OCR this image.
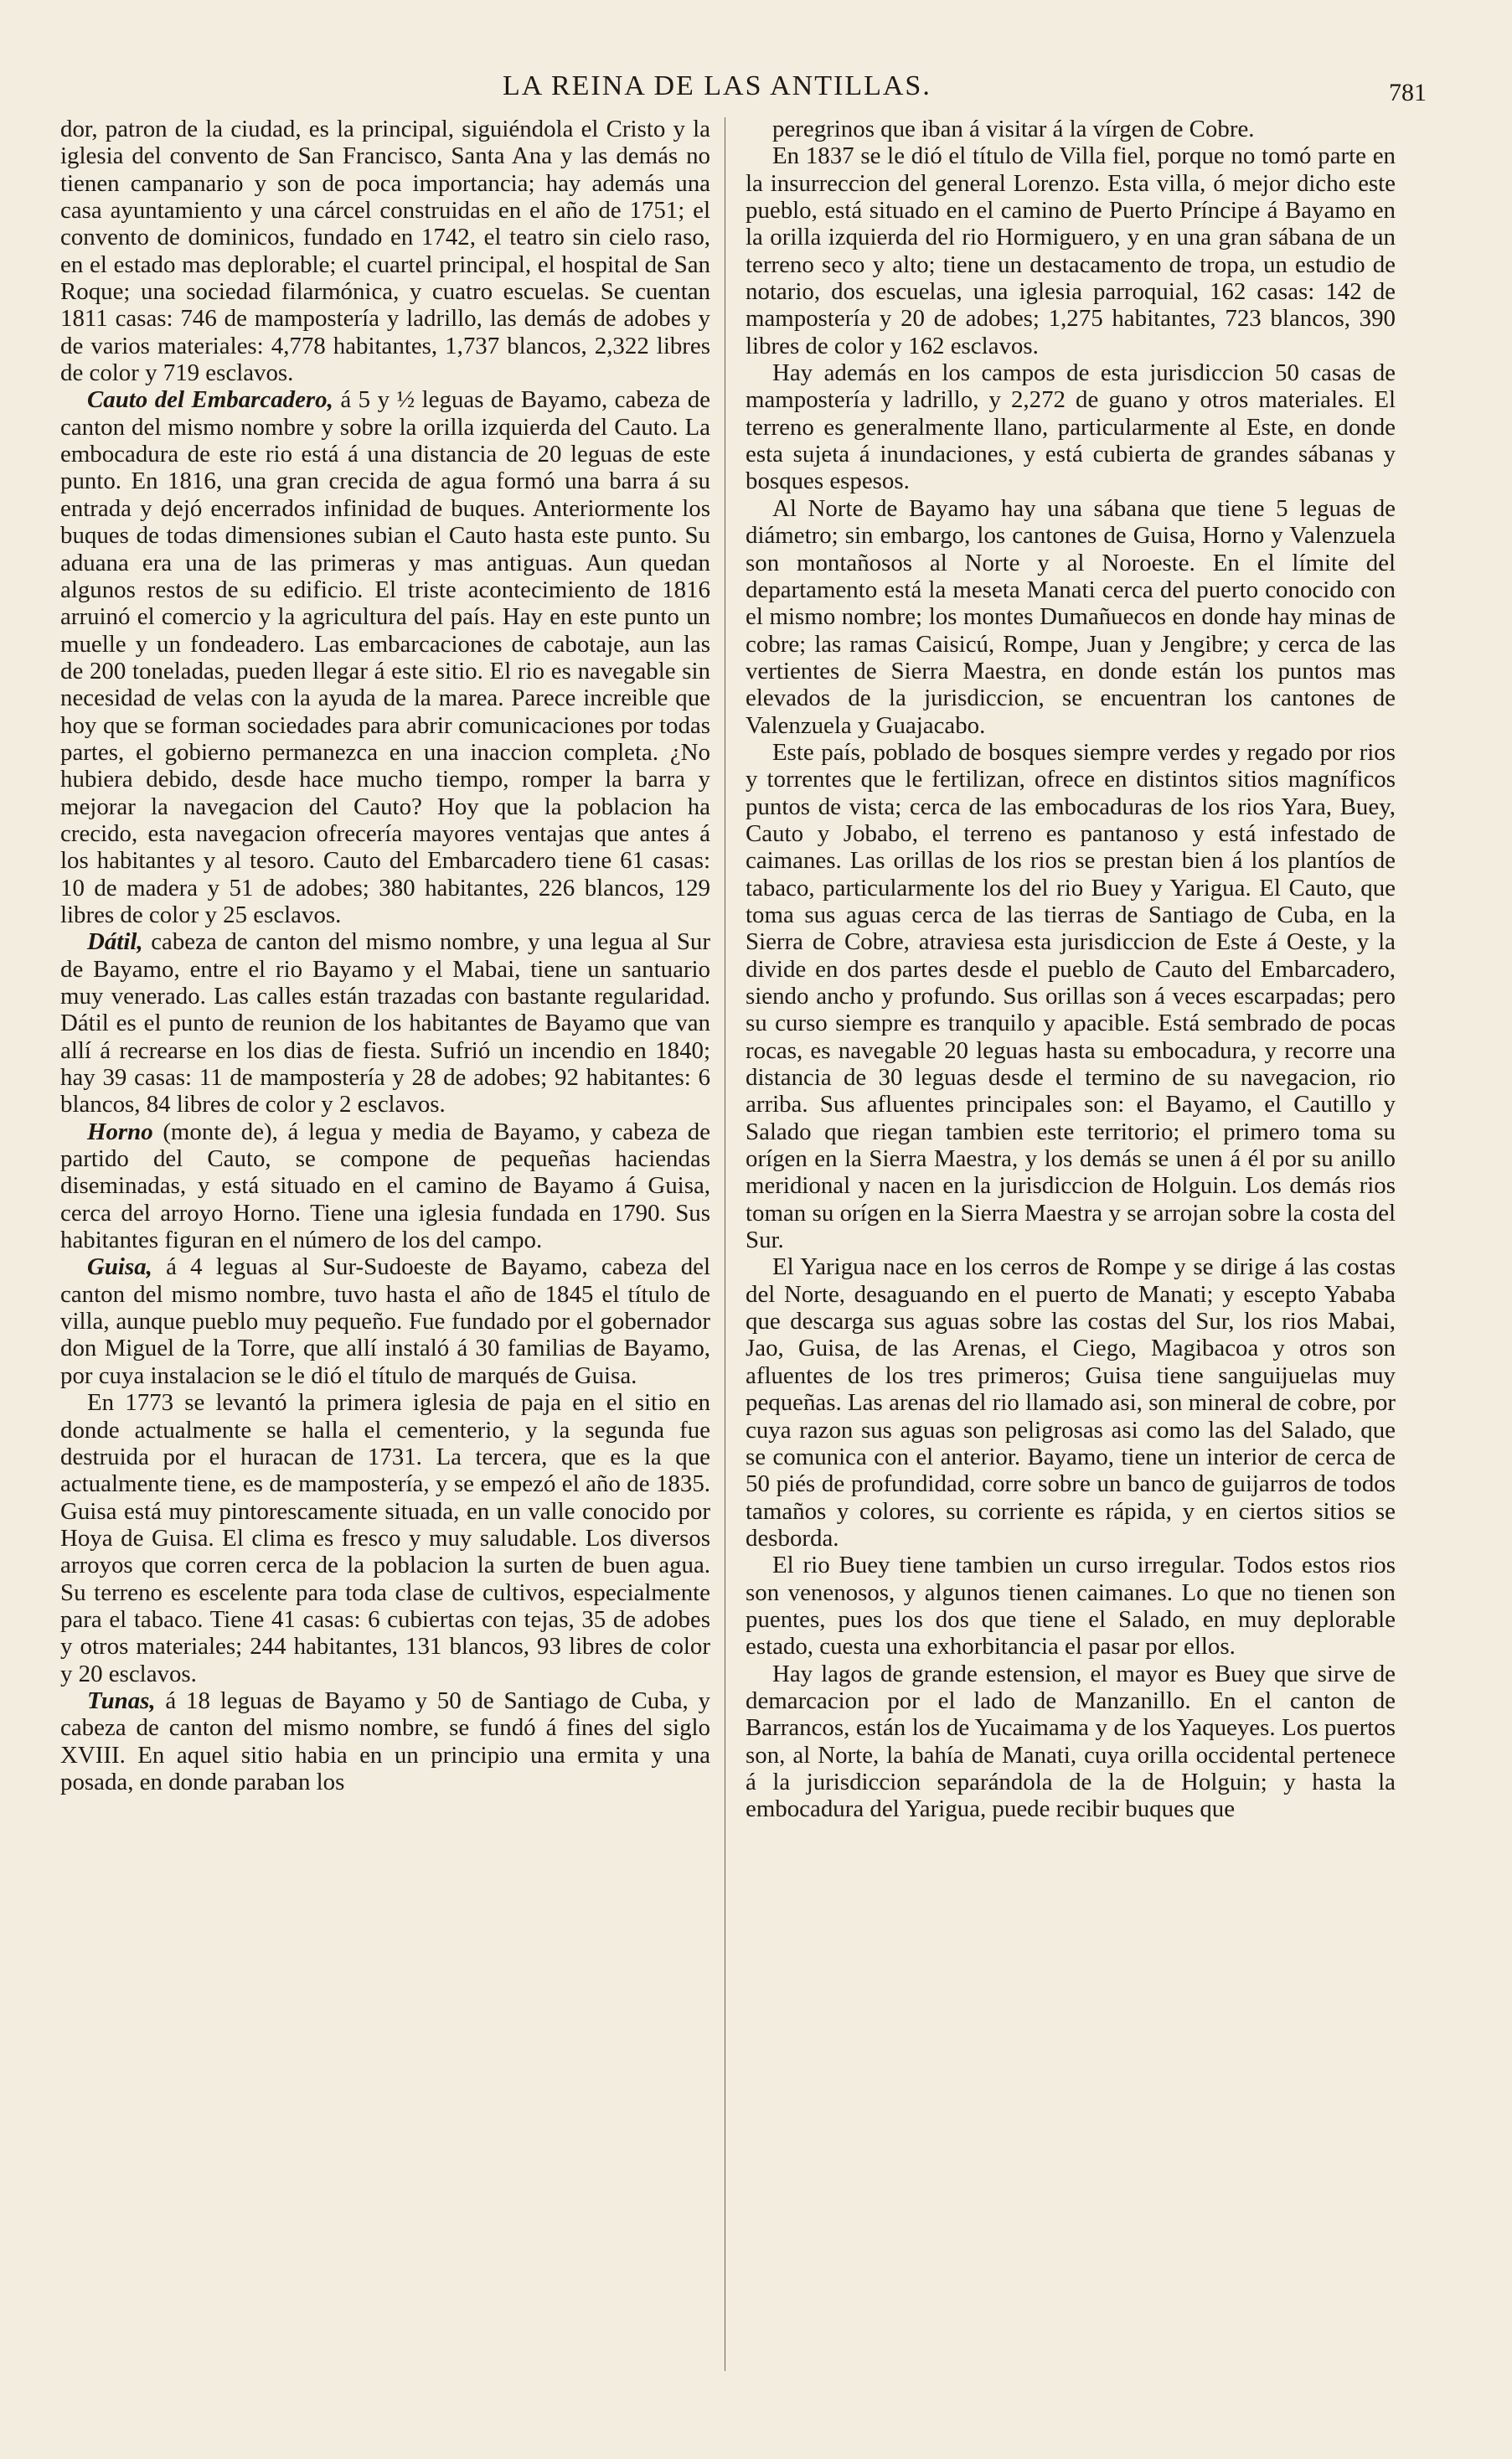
LA REINA DE LAS ANTILLAS.	781

dor, patron de la ciudad, es la principal, siguiéndola el Cristo y la iglesia del convento de San Francisco, Santa Ana y las demás no tienen campanario y son de poca importancia; hay además una casa ayuntamiento y una cárcel construidas en el año de 1751; el convento de dominicos, fundado en 1742, el teatro sin cielo raso, en el estado mas deplorable; el cuartel principal, el hospital de San Roque; una sociedad filarmónica, y cuatro escuelas. Se cuentan 1811 casas: 746 de mampostería y ladrillo, las demás de adobes y de varios materiales: 4,778 habitantes, 1,737 blancos, 2,322 libres de color y 719 esclavos.

Cauto del Embarcadero, á 5 y ½ leguas de Bayamo, cabeza de canton del mismo nombre y sobre la orilla izquierda del Cauto. La embocadura de este rio está á una distancia de 20 leguas de este punto. En 1816, una gran crecida de agua formó una barra á su entrada y dejó encerrados infinidad de buques. Anteriormente los buques de todas dimensiones subian el Cauto hasta este punto. Su aduana era una de las primeras y mas antiguas. Aun quedan algunos restos de su edificio. El triste acontecimiento de 1816 arruinó el comercio y la agricultura del país. Hay en este punto un muelle y un fondeadero. Las embarcaciones de cabotaje, aun las de 200 toneladas, pueden llegar á este sitio. El rio es navegable sin necesidad de velas con la ayuda de la marea. Parece increible que hoy que se forman sociedades para abrir comunicaciones por todas partes, el gobierno permanezca en una inaccion completa. ¿No hubiera debido, desde hace mucho tiempo, romper la barra y mejorar la navegacion del Cauto? Hoy que la poblacion ha crecido, esta navegacion ofrecería mayores ventajas que antes á los habitantes y al tesoro. Cauto del Embarcadero tiene 61 casas: 10 de madera y 51 de adobes; 380 habitantes, 226 blancos, 129 libres de color y 25 esclavos.

Dátil, cabeza de canton del mismo nombre, y una legua al Sur de Bayamo, entre el rio Bayamo y el Mabai, tiene un santuario muy venerado. Las calles están trazadas con bastante regularidad. Dátil es el punto de reunion de los habitantes de Bayamo que van allí á recrearse en los dias de fiesta. Sufrió un incendio en 1840; hay 39 casas: 11 de mampostería y 28 de adobes; 92 habitantes: 6 blancos, 84 libres de color y 2 esclavos.

Horno (monte de), á legua y media de Bayamo, y cabeza de partido del Cauto, se compone de pequeñas haciendas diseminadas, y está situado en el camino de Bayamo á Guisa, cerca del arroyo Horno. Tiene una iglesia fundada en 1790. Sus habitantes figuran en el número de los del campo.

Guisa, á 4 leguas al Sur-Sudoeste de Bayamo, cabeza del canton del mismo nombre, tuvo hasta el año de 1845 el título de villa, aunque pueblo muy pequeño. Fue fundado por el gobernador don Miguel de la Torre, que allí instaló á 30 familias de Bayamo, por cuya instalacion se le dió el título de marqués de Guisa.

En 1773 se levantó la primera iglesia de paja en el sitio en donde actualmente se halla el cementerio, y la segunda fue destruida por el huracan de 1731. La tercera, que es la que actualmente tiene, es de mampostería, y se empezó el año de 1835. Guisa está muy pintorescamente situada, en un valle conocido por Hoya de Guisa. El clima es fresco y muy saludable. Los diversos arroyos que corren cerca de la poblacion la surten de buen agua. Su terreno es escelente para toda clase de cultivos, especialmente para el tabaco. Tiene 41 casas: 6 cubiertas con tejas, 35 de adobes y otros materiales; 244 habitantes, 131 blancos, 93 libres de color y 20 esclavos.

Tunas, á 18 leguas de Bayamo y 50 de Santiago de Cuba, y cabeza de canton del mismo nombre, se fundó á fines del siglo XVIII. En aquel sitio habia en un principio una ermita y una posada, en donde paraban los

peregrinos que iban á visitar á la vírgen de Cobre.

En 1837 se le dió el título de Villa fiel, porque no tomó parte en la insurreccion del general Lorenzo. Esta villa, ó mejor dicho este pueblo, está situado en el camino de Puerto Príncipe á Bayamo en la orilla izquierda del rio Hormiguero, y en una gran sábana de un terreno seco y alto; tiene un destacamento de tropa, un estudio de notario, dos escuelas, una iglesia parroquial, 162 casas: 142 de mampostería y 20 de adobes; 1,275 habitantes, 723 blancos, 390 libres de color y 162 esclavos.

Hay además en los campos de esta jurisdiccion 50 casas de mampostería y ladrillo, y 2,272 de guano y otros materiales. El terreno es generalmente llano, particularmente al Este, en donde esta sujeta á inundaciones, y está cubierta de grandes sábanas y bosques espesos.

Al Norte de Bayamo hay una sábana que tiene 5 leguas de diámetro; sin embargo, los cantones de Guisa, Horno y Valenzuela son montañosos al Norte y al Noroeste. En el límite del departamento está la meseta Manati cerca del puerto conocido con el mismo nombre; los montes Dumañuecos en donde hay minas de cobre; las ramas Caisicú, Rompe, Juan y Jengibre; y cerca de las vertientes de Sierra Maestra, en donde están los puntos mas elevados de la jurisdiccion, se encuentran los cantones de Valenzuela y Guajacabo.

Este país, poblado de bosques siempre verdes y regado por rios y torrentes que le fertilizan, ofrece en distintos sitios magníficos puntos de vista; cerca de las embocaduras de los rios Yara, Buey, Cauto y Jobabo, el terreno es pantanoso y está infestado de caimanes. Las orillas de los rios se prestan bien á los plantíos de tabaco, particularmente los del rio Buey y Yarigua. El Cauto, que toma sus aguas cerca de las tierras de Santiago de Cuba, en la Sierra de Cobre, atraviesa esta jurisdiccion de Este á Oeste, y la divide en dos partes desde el pueblo de Cauto del Embarcadero, siendo ancho y profundo. Sus orillas son á veces escarpadas; pero su curso siempre es tranquilo y apacible. Está sembrado de pocas rocas, es navegable 20 leguas hasta su embocadura, y recorre una distancia de 30 leguas desde el termino de su navegacion, rio arriba. Sus afluentes principales son: el Bayamo, el Cautillo y Salado que riegan tambien este territorio; el primero toma su orígen en la Sierra Maestra, y los demás se unen á él por su anillo meridional y nacen en la jurisdiccion de Holguin. Los demás rios toman su orígen en la Sierra Maestra y se arrojan sobre la costa del Sur.

El Yarigua nace en los cerros de Rompe y se dirige á las costas del Norte, desaguando en el puerto de Manati; y escepto Yababa que descarga sus aguas sobre las costas del Sur, los rios Mabai, Jao, Guisa, de las Arenas, el Ciego, Magibacoa y otros son afluentes de los tres primeros; Guisa tiene sanguijuelas muy pequeñas. Las arenas del rio llamado asi, son mineral de cobre, por cuya razon sus aguas son peligrosas asi como las del Salado, que se comunica con el anterior. Bayamo, tiene un interior de cerca de 50 piés de profundidad, corre sobre un banco de guijarros de todos tamaños y colores, su corriente es rápida, y en ciertos sitios se desborda.

El rio Buey tiene tambien un curso irregular. Todos estos rios son venenosos, y algunos tienen caimanes. Lo que no tienen son puentes, pues los dos que tiene el Salado, en muy deplorable estado, cuesta una exhorbitancia el pasar por ellos.

Hay lagos de grande estension, el mayor es Buey que sirve de demarcacion por el lado de Manzanillo. En el canton de Barrancos, están los de Yucaimama y de los Yaqueyes. Los puertos son, al Norte, la bahía de Manati, cuya orilla occidental pertenece á la jurisdiccion separándola de la de Holguin; y hasta la embocadura del Yarigua, puede recibir buques que
